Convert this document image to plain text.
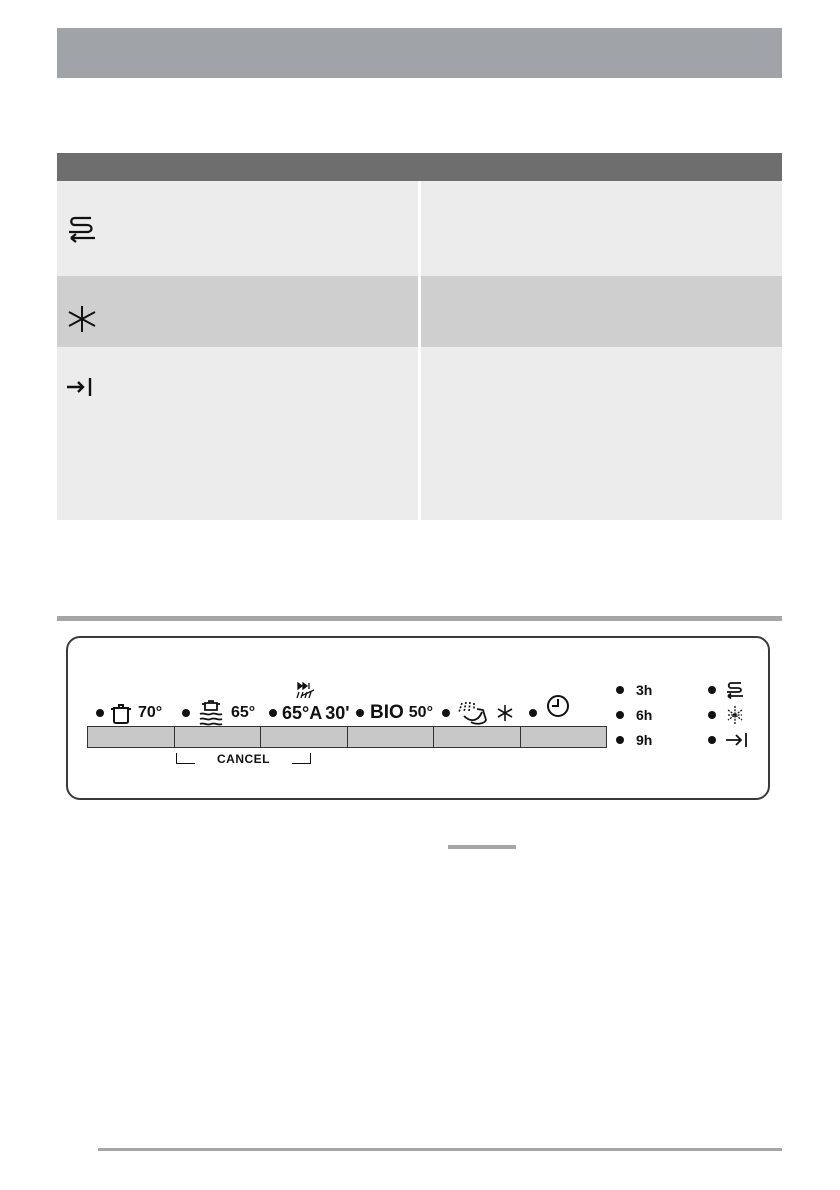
70°	65° 65° A 30' BIO 50°
CANCEL
3h
6h
9h
